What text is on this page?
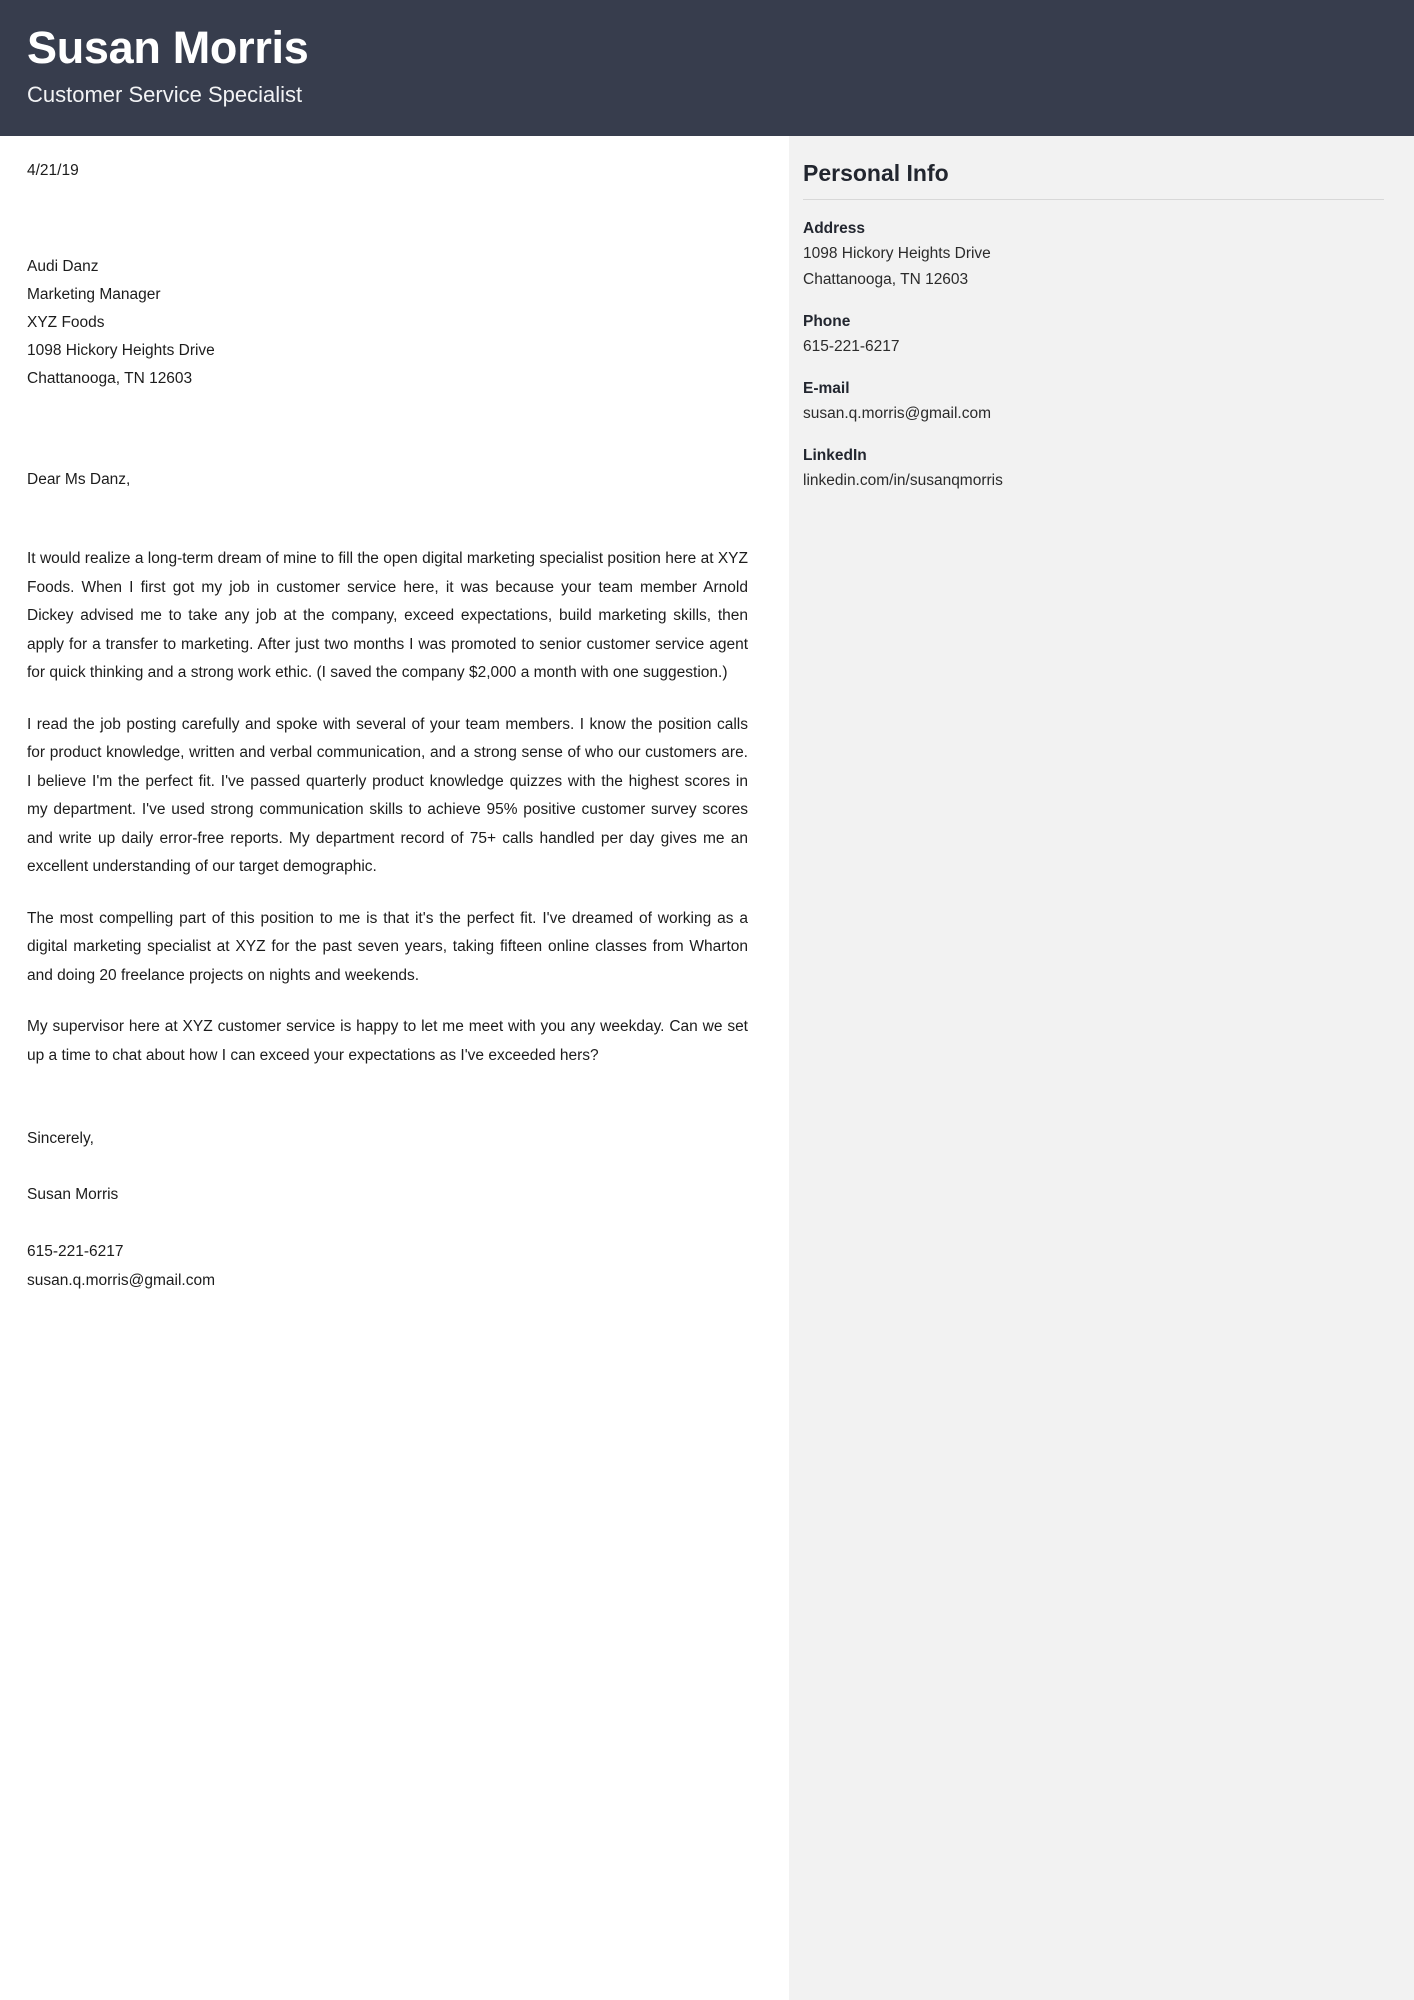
Susan Morris
Customer Service Specialist
4/21/19
Audi Danz
Marketing Manager
XYZ Foods
1098 Hickory Heights Drive
Chattanooga, TN 12603
Dear Ms Danz,

It would realize a long-term dream of mine to fill the open digital marketing specialist position here at XYZ Foods. When I first got my job in customer service here, it was because your team member Arnold Dickey advised me to take any job at the company, exceed expectations, build marketing skills, then apply for a transfer to marketing. After just two months I was promoted to senior customer service agent for quick thinking and a strong work ethic. (I saved the company $2,000 a month with one suggestion.)

I read the job posting carefully and spoke with several of your team members. I know the position calls for product knowledge, written and verbal communication, and a strong sense of who our customers are. I believe I'm the perfect fit. I've passed quarterly product knowledge quizzes with the highest scores in my department. I've used strong communication skills to achieve 95% positive customer survey scores and write up daily error-free reports. My department record of 75+ calls handled per day gives me an excellent understanding of our target demographic.

The most compelling part of this position to me is that it's the perfect fit. I've dreamed of working as a digital marketing specialist at XYZ for the past seven years, taking fifteen online classes from Wharton and doing 20 freelance projects on nights and weekends.

My supervisor here at XYZ customer service is happy to let me meet with you any weekday. Can we set up a time to chat about how I can exceed your expectations as I've exceeded hers?

Sincerely,
Susan Morris
615-221-6217
susan.q.morris@gmail.com
Personal Info
Address
1098 Hickory Heights Drive
Chattanooga, TN 12603
Phone
615-221-6217
E-mail
susan.q.morris@gmail.com
LinkedIn
linkedin.com/in/susanqmorris
